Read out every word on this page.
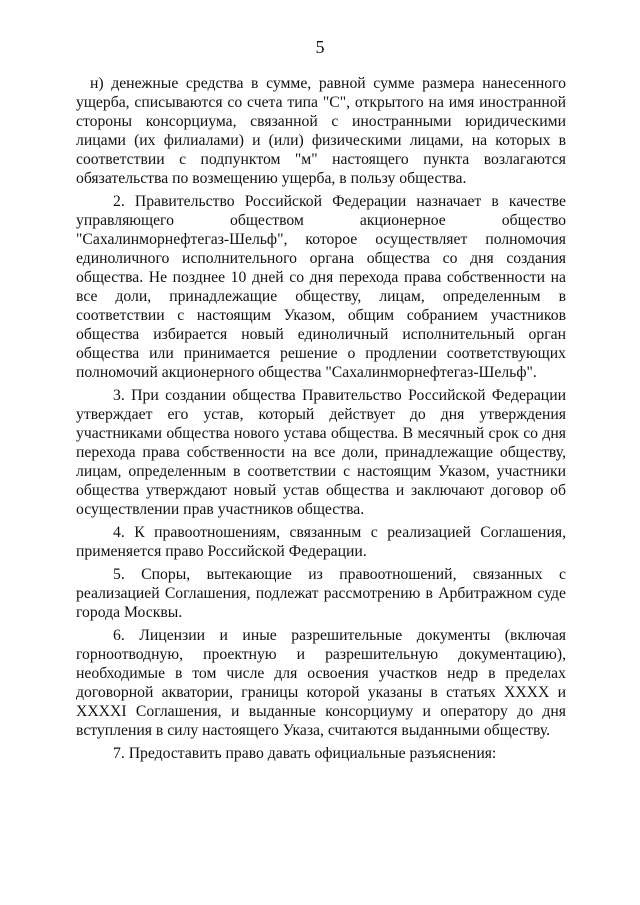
5

н) денежные средства в сумме, равной сумме размера нанесенного ущерба, списываются со счета типа "С", открытого на имя иностранной стороны консорциума, связанной с иностранными юридическими лицами (их филиалами) и (или) физическими лицами, на которых в соответствии с подпунктом "м" настоящего пункта возлагаются обязательства по возмещению ущерба, в пользу общества.

2. Правительство Российской Федерации назначает в качестве управляющего обществом акционерное общество "Сахалинморнефтегаз-Шельф", которое осуществляет полномочия единоличного исполнительного органа общества со дня создания общества. Не позднее 10 дней со дня перехода права собственности на все доли, принадлежащие обществу, лицам, определенным в соответствии с настоящим Указом, общим собранием участников общества избирается новый единоличный исполнительный орган общества или принимается решение о продлении соответствующих полномочий акционерного общества "Сахалинморнефтегаз-Шельф".

3. При создании общества Правительство Российской Федерации утверждает его устав, который действует до дня утверждения участниками общества нового устава общества. В месячный срок со дня перехода права собственности на все доли, принадлежащие обществу, лицам, определенным в соответствии с настоящим Указом, участники общества утверждают новый устав общества и заключают договор об осуществлении прав участников общества.

4. К правоотношениям, связанным с реализацией Соглашения, применяется право Российской Федерации.

5. Споры, вытекающие из правоотношений, связанных с реализацией Соглашения, подлежат рассмотрению в Арбитражном суде города Москвы.

6. Лицензии и иные разрешительные документы (включая горноотводную, проектную и разрешительную документацию), необходимые в том числе для освоения участков недр в пределах договорной акватории, границы которой указаны в статьях XXXX и XXXXI Соглашения, и выданные консорциуму и оператору до дня вступления в силу настоящего Указа, считаются выданными обществу.

7. Предоставить право давать официальные разъяснения:
